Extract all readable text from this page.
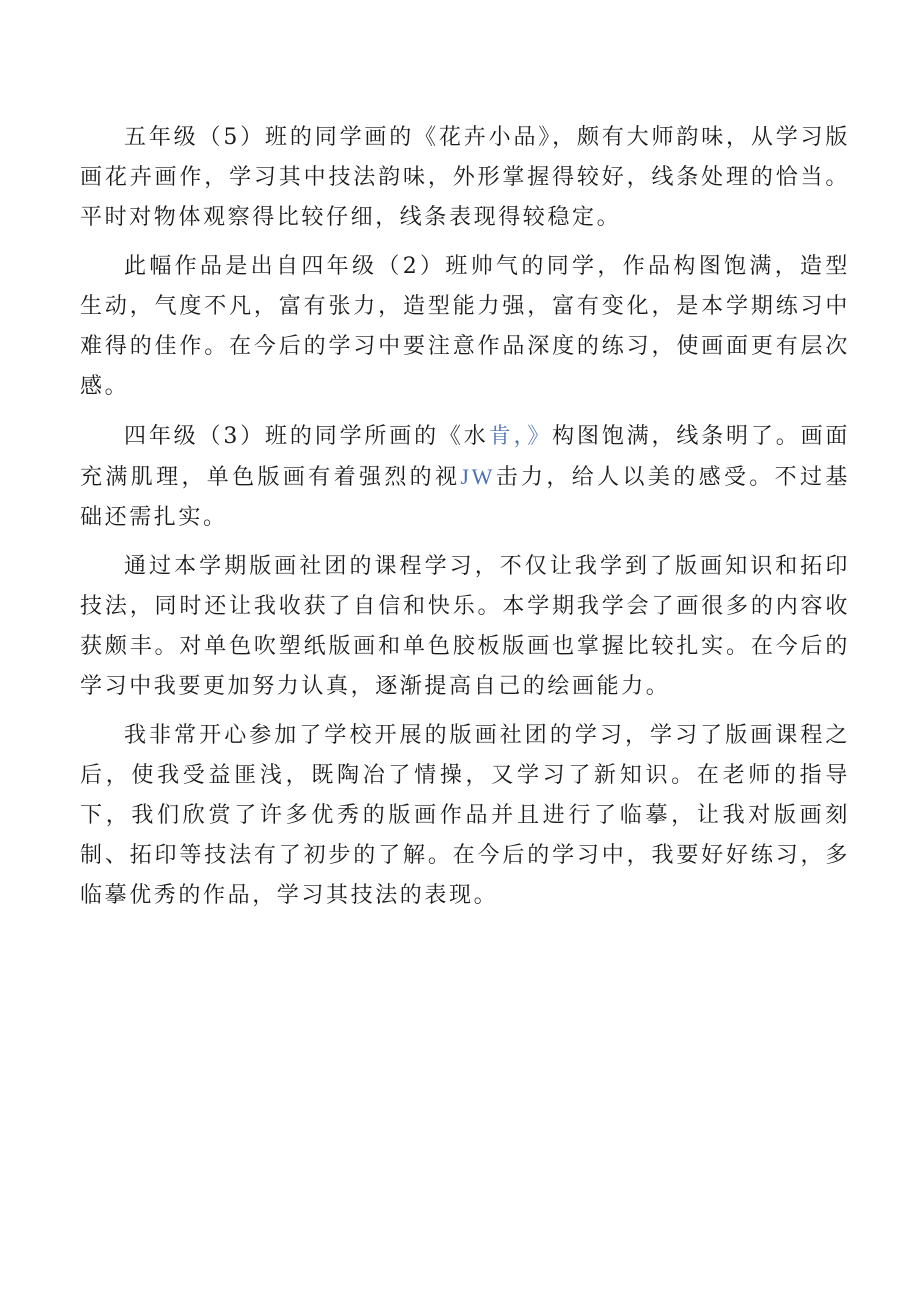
五年级（5）班的同学画的《花卉小品》，颇有大师韵味，从学习版画花卉画作，学习其中技法韵味，外形掌握得较好，线条处理的恰当。平时对物体观察得比较仔细，线条表现得较稳定。

此幅作品是出自四年级（2）班帅气的同学，作品构图饱满，造型生动，气度不凡，富有张力，造型能力强，富有变化，是本学期练习中难得的佳作。在今后的学习中要注意作品深度的练习，使画面更有层次感。

四年级（3）班的同学所画的《水肯，》构图饱满，线条明了。画面充满肌理，单色版画有着强烈的视JW击力，给人以美的感受。不过基础还需扎实。

通过本学期版画社团的课程学习，不仅让我学到了版画知识和拓印技法，同时还让我收获了自信和快乐。本学期我学会了画很多的内容收获颇丰。对单色吹塑纸版画和单色胶板版画也掌握比较扎实。在今后的学习中我要更加努力认真，逐渐提高自己的绘画能力。

我非常开心参加了学校开展的版画社团的学习，学习了版画课程之后，使我受益匪浅，既陶冶了情操，又学习了新知识。在老师的指导下，我们欣赏了许多优秀的版画作品并且进行了临摹，让我对版画刻制、拓印等技法有了初步的了解。在今后的学习中，我要好好练习，多临摹优秀的作品，学习其技法的表现。
